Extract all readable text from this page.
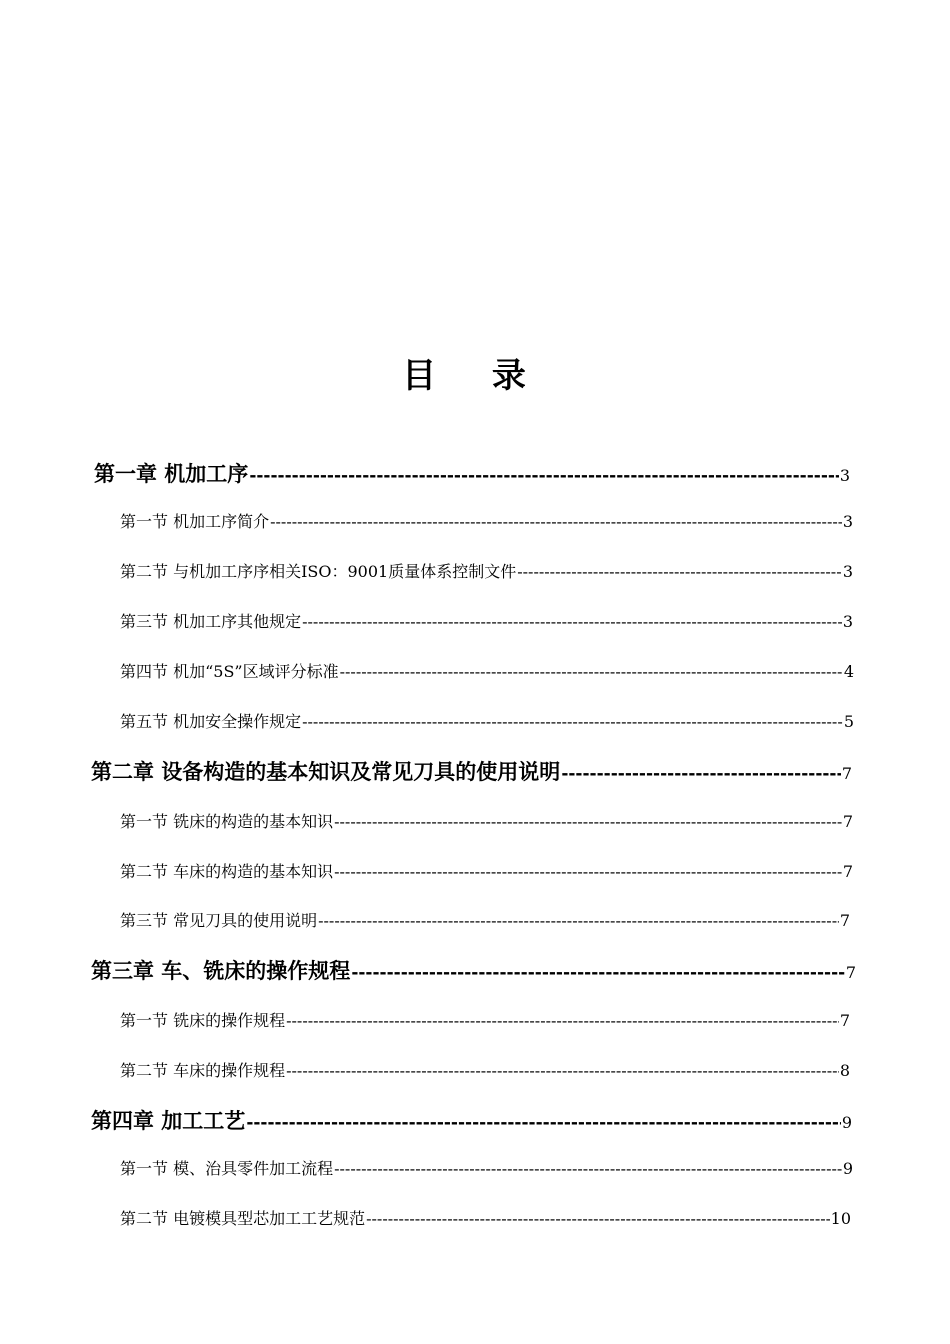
目 录
第一章 机加工序 -----	3
第一节 机加工序简介 -----	3
第二节 与机加工序序相关ISO：9001质量体系控制文件 -----	3
第三节 机加工序其他规定 -----	3
第四节 机加“5S”区域评分标准 -----	4
第五节 机加安全操作规定 -----	5
第二章 设备构造的基本知识及常见刀具的使用说明 -----	7
第一节 铣床的构造的基本知识 -----	7
第二节 车床的构造的基本知识 -----	7
第三节 常见刀具的使用说明 -----	7
第三章 车、铣床的操作规程 -----	7
第一节 铣床的操作规程 -----	7
第二节 车床的操作规程 -----	8
第四章 加工工艺 -----	9
第一节 模、治具零件加工流程 -----	9
第二节 电镀模具型芯加工工艺规范 -----	10
